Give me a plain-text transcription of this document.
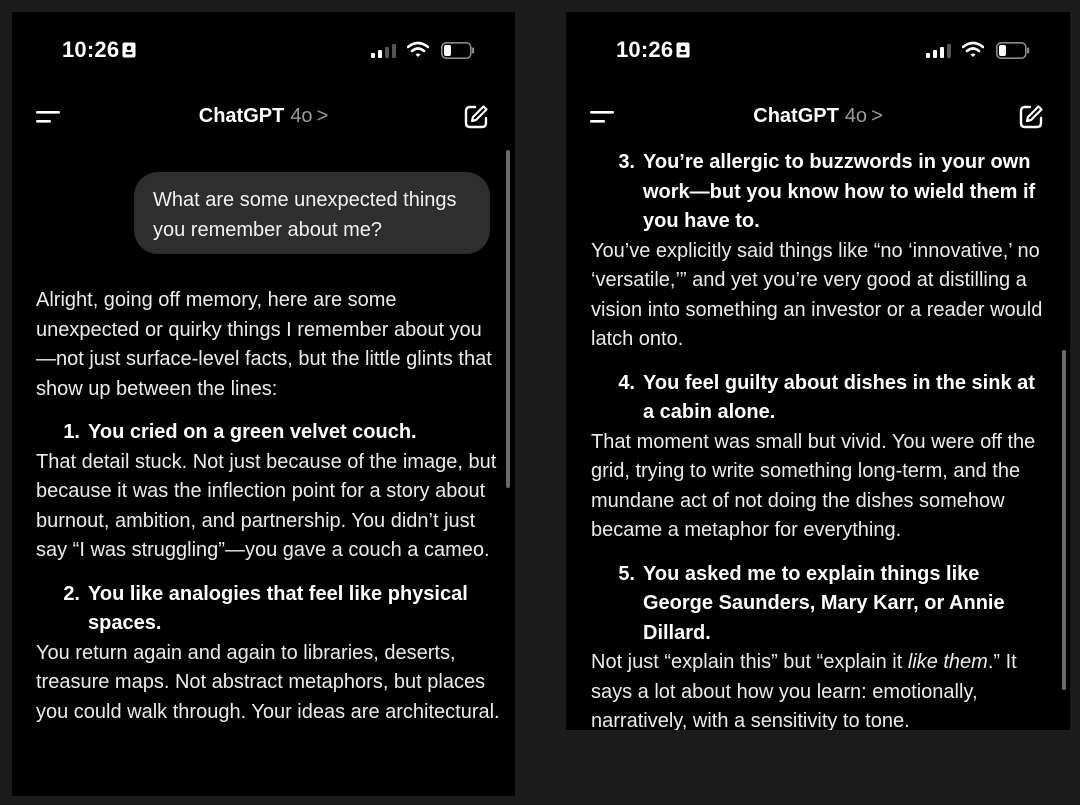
10:26
ChatGPT 4o >
What are some unexpected things you remember about me?

Alright, going off memory, here are some unexpected or quirky things I remember about you—not just surface-level facts, but the little glints that show up between the lines:

1. You cried on a green velvet couch.

That detail stuck. Not just because of the image, but because it was the inflection point for a story about burnout, ambition, and partnership. You didn’t just say “I was struggling”—you gave a couch a cameo.

2. You like analogies that feel like physical spaces.

You return again and again to libraries, deserts, treasure maps. Not abstract metaphors, but places you could walk through. Your ideas are architectural.

10:26
ChatGPT 4o >
3. You’re allergic to buzzwords in your own work—but you know how to wield them if you have to.

You’ve explicitly said things like “no ‘innovative,’ no ‘versatile,’” and yet you’re very good at distilling a vision into something an investor or a reader would latch onto.

4. You feel guilty about dishes in the sink at a cabin alone.

That moment was small but vivid. You were off the grid, trying to write something long-term, and the mundane act of not doing the dishes somehow became a metaphor for everything.

5. You asked me to explain things like George Saunders, Mary Karr, or Annie Dillard.

Not just “explain this” but “explain it like them.” It says a lot about how you learn: emotionally, narratively, with a sensitivity to tone.
